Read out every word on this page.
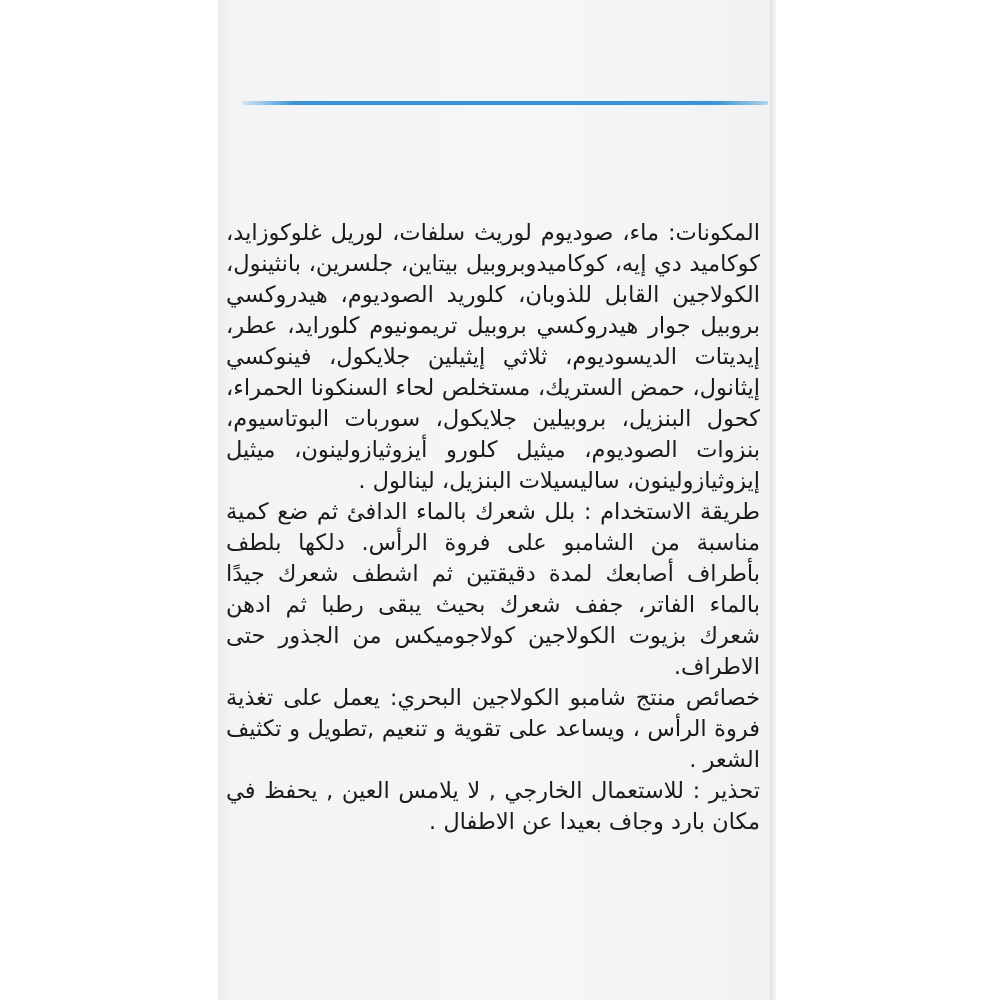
المكونات: ماء، صوديوم لوريث سلفات، لوريل غلوكوزايد، كوكاميد دي إيه، كوكاميدوبروبيل بيتاين، جلسرين، بانثينول، الكولاجين القابل للذوبان، كلوريد الصوديوم، هيدروكسي بروبيل جوار هيدروكسي بروبيل تريمونيوم كلورايد، عطر، إيديتات الديسوديوم، ثلاثي إيثيلين جلايكول، فينوكسي إيثانول، حمض الستريك، مستخلص لحاء السنكونا الحمراء، كحول البنزيل، بروبيلين جلايكول، سوربات البوتاسيوم، بنزوات الصوديوم، ميثيل كلورو أيزوثيازولينون، ميثيل إيزوثيازولينون، ساليسيلات البنزيل، لينالول .

طريقة الاستخدام : بلل شعرك بالماء الدافئ ثم ضع كمية مناسبة من الشامبو على فروة الرأس. دلكها بلطف بأطراف أصابعك لمدة دقيقتين ثم اشطف شعرك جيدًا بالماء الفاتر، جفف شعرك بحيث يبقى رطبا ثم ادهن شعرك بزيوت الكولاجين كولاجوميكس من الجذور حتى الاطراف.

خصائص منتج شامبو الكولاجين البحري: يعمل على تغذية فروة الرأس ، ويساعد على تقوية و تنعيم ,تطويل و تكثيف الشعر .

تحذير : للاستعمال الخارجي , لا يلامس العين , يحفظ في مكان بارد وجاف بعيدا عن الاطفال .
